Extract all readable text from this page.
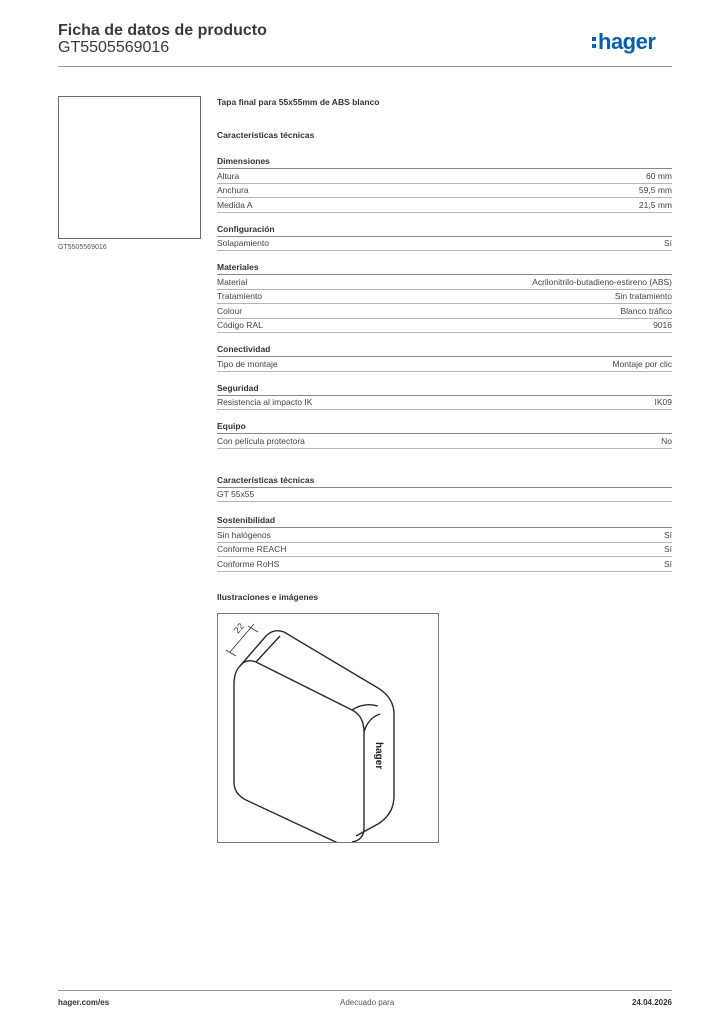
Ficha de datos de producto
GT5505569016	hager
GT5505569016
Tapa final para 55x55mm de ABS blanco
Características técnicas
Dimensiones
Altura	60 mm
Anchura	59,5 mm
Medida A	21,5 mm
Configuración
Solapamiento	Sí
Materiales
Material	Acrilonitrilo-butadieno-estireno (ABS)
Tratamiento	Sin tratamiento
Colour	Blanco tráfico
Código RAL	9016
Conectividad
Tipo de montaje	Montaje por clic
Seguridad
Resistencia al impacto IK	IK09
Equipo
Con película protectora	No
Características técnicas
GT 55x55
Sostenibilidad
Sin halógenos	Sí
Conforme REACH	Sí
Conforme RoHS	Sí
Ilustraciones e imágenes
22
hager
hager.com/es	Adecuado para	24.04.2026
